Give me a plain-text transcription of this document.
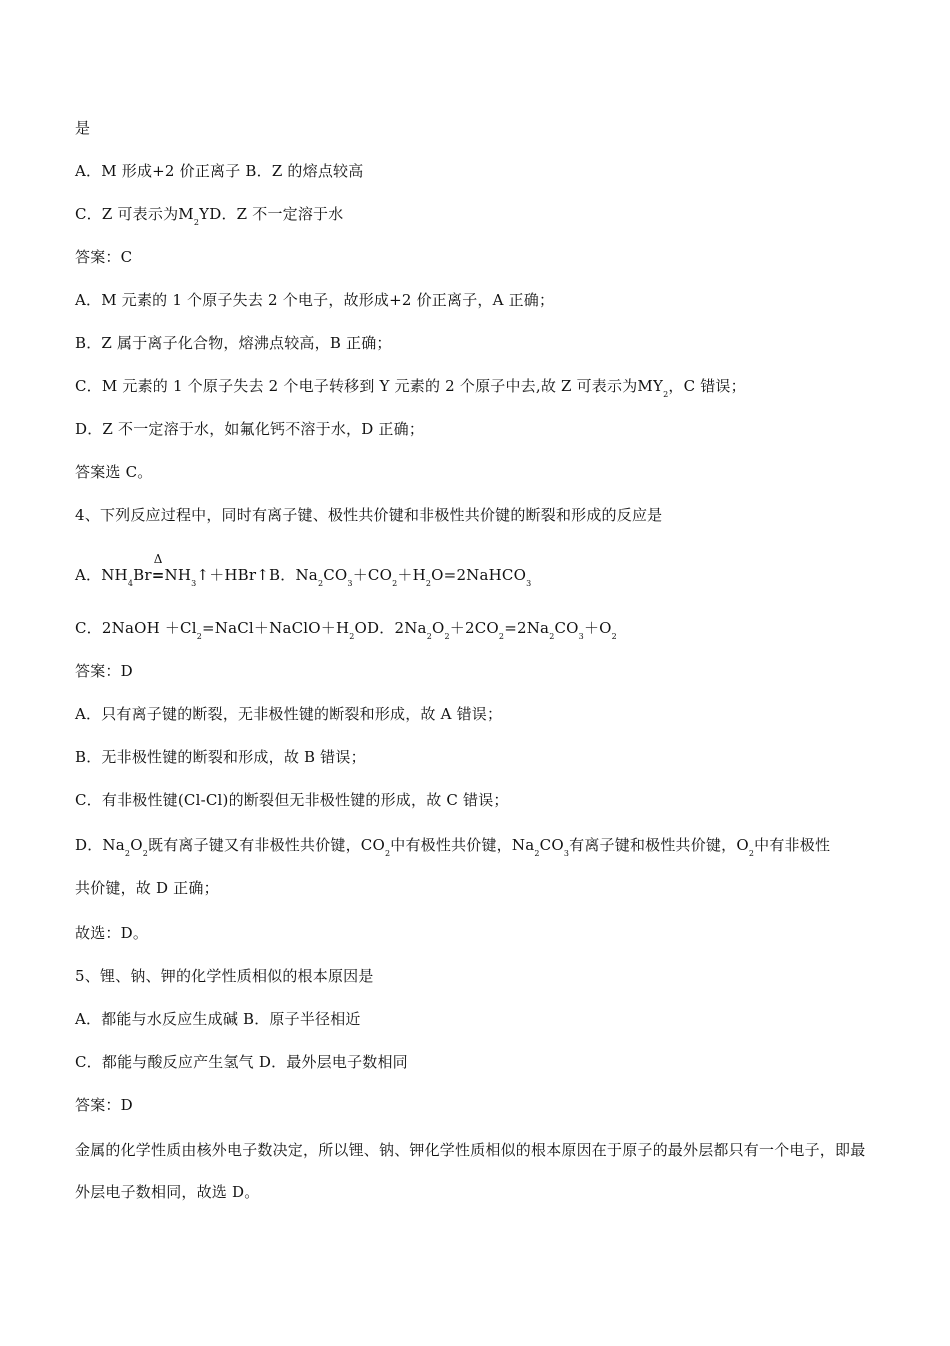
是
A．M 形成+2 价正离子 B．Z 的熔点较高
C．Z 可表示为$M_2YD$．Z 不一定溶于水
答案：C
A．M 元素的 1 个原子失去 2 个电子，故形成+2 价正离子，A 正确；
B．Z 属于离子化合物，熔沸点较高，B 正确；
C．M 元素的 1 个原子失去 2 个电子转移到 Y 元素的 2 个原子中去,故 Z 可表示为$MY_2$，C 错误；
D．Z 不一定溶于水，如氟化钙不溶于水，D 正确；
答案选 C。
4、下列反应过程中，同时有离子键、极性共价键和非极性共价键的断裂和形成的反应是
A．$NH_4Br$
Δ
$=NH_3↑+HBr↑B$．$Na_2CO_3+CO_2+H_2O=2NaHCO_3$
C．2NaOH $+Cl_2=NaCl+NaClO+H_2OD$．$2Na_2O_2+2CO_2=2Na_2CO_3+O_2$
答案：D
A．只有离子键的断裂，无非极性键的断裂和形成，故 A 错误；
B．无非极性键的断裂和形成，故 B 错误；
C．有非极性键(Cl-Cl)的断裂但无非极性键的形成，故 C 错误；
D．$Na_2O_2$既有离子键又有非极性共价键，$CO_2$中有极性共价键，$Na_2CO_3$有离子键和极性共价键，$O_2$中有非极性
共价键，故 D 正确；
故选：D。
5、锂、钠、钾的化学性质相似的根本原因是
A．都能与水反应生成碱 B．原子半径相近
C．都能与酸反应产生氢气 D．最外层电子数相同
答案：D
金属的化学性质由核外电子数决定，所以锂、钠、钾化学性质相似的根本原因在于原子的最外层都只有一个电子，即最外层电子数相同，故选 D。
